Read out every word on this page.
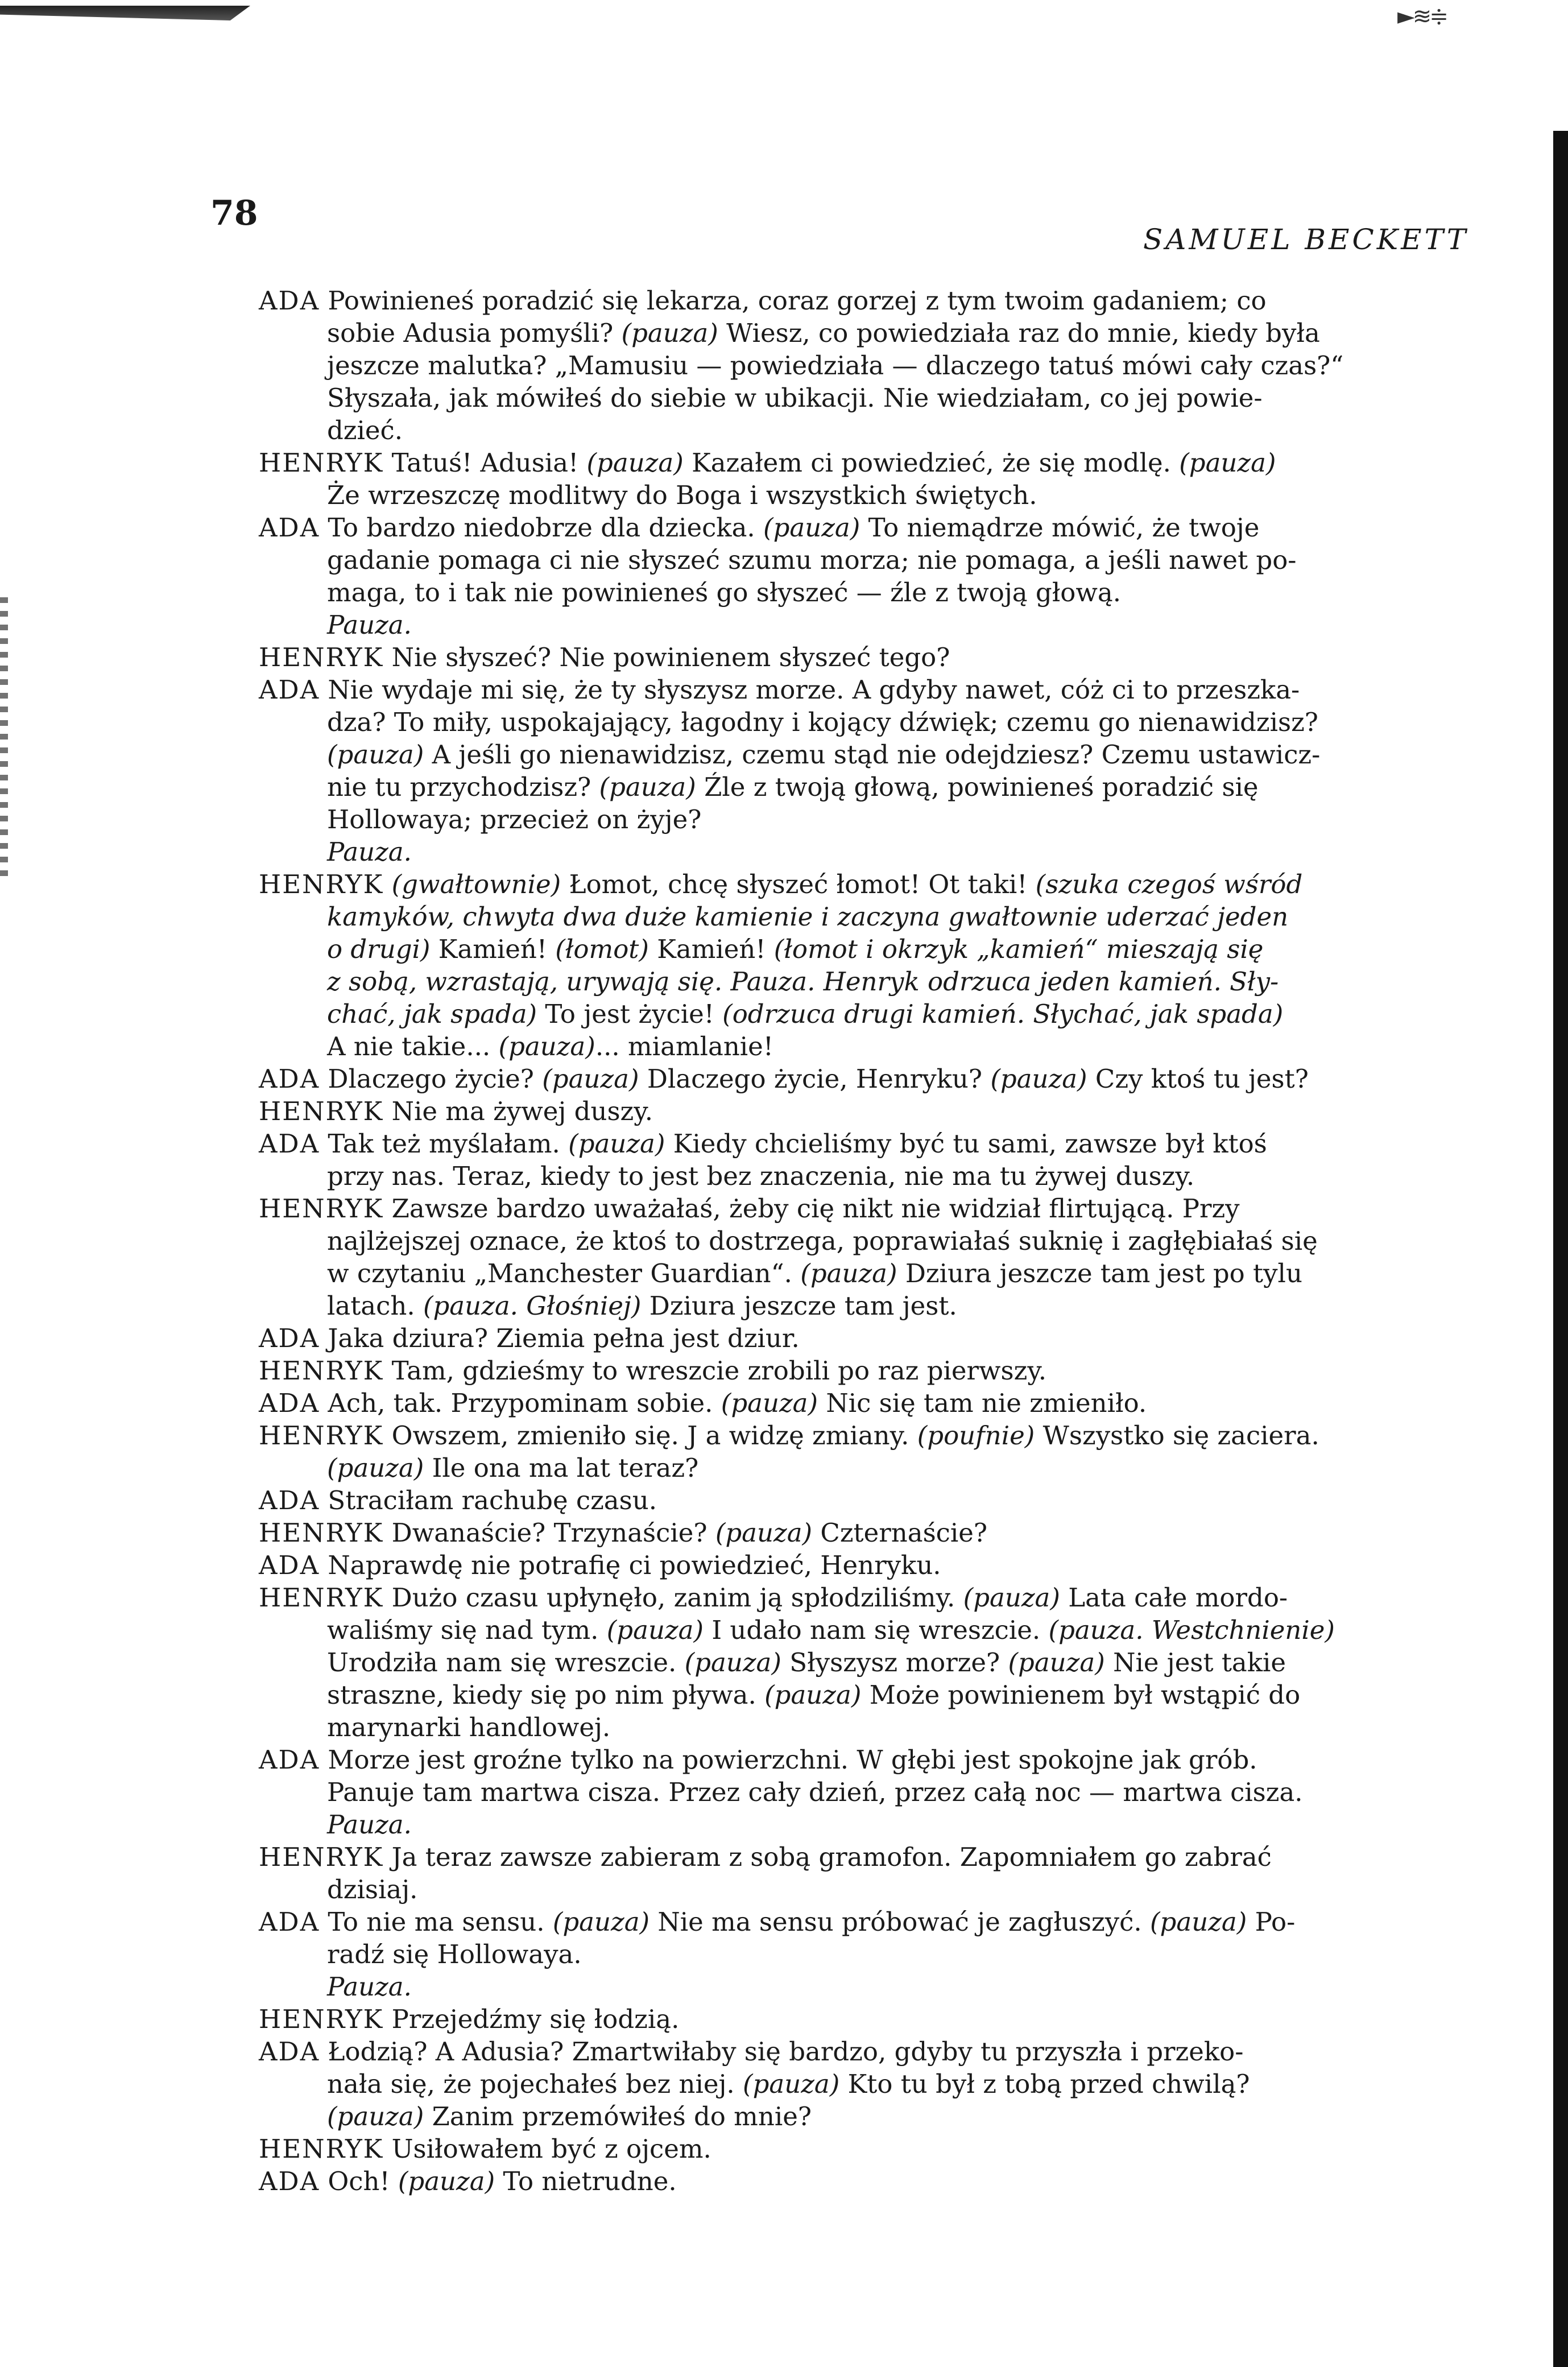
►≋≑
78
SAMUEL BECKETT
ADA Powinieneś poradzić się lekarza, coraz gorzej z tym twoim gadaniem; co
sobie Adusia pomyśli? (pauza) Wiesz, co powiedziała raz do mnie, kiedy była
jeszcze malutka? „Mamusiu — powiedziała — dlaczego tatuś mówi cały czas?“
Słyszała, jak mówiłeś do siebie w ubikacji. Nie wiedziałam, co jej powie-
dzieć.
HENRYK Tatuś! Adusia! (pauza) Kazałem ci powiedzieć, że się modlę. (pauza)
Że wrzeszczę modlitwy do Boga i wszystkich świętych.
ADA To bardzo niedobrze dla dziecka. (pauza) To niemądrze mówić, że twoje
gadanie pomaga ci nie słyszeć szumu morza; nie pomaga, a jeśli nawet po-
maga, to i tak nie powinieneś go słyszeć — źle z twoją głową.
Pauza.
HENRYK Nie słyszeć? Nie powinienem słyszeć tego?
ADA Nie wydaje mi się, że ty słyszysz morze. A gdyby nawet, cóż ci to przeszka-
dza? To miły, uspokajający, łagodny i kojący dźwięk; czemu go nienawidzisz?
(pauza) A jeśli go nienawidzisz, czemu stąd nie odejdziesz? Czemu ustawicz-
nie tu przychodzisz? (pauza) Źle z twoją głową, powinieneś poradzić się
Hollowaya; przecież on żyje?
Pauza.
HENRYK (gwałtownie) Łomot, chcę słyszeć łomot! Ot taki! (szuka czegoś wśród
kamyków, chwyta dwa duże kamienie i zaczyna gwałtownie uderzać jeden
o drugi) Kamień! (łomot) Kamień! (łomot i okrzyk „kamień“ mieszają się
z sobą, wzrastają, urywają się. Pauza. Henryk odrzuca jeden kamień. Sły-
chać, jak spada) To jest życie! (odrzuca drugi kamień. Słychać, jak spada)
A nie takie... (pauza)... miamlanie!
ADA Dlaczego życie? (pauza) Dlaczego życie, Henryku? (pauza) Czy ktoś tu jest?
HENRYK Nie ma żywej duszy.
ADA Tak też myślałam. (pauza) Kiedy chcieliśmy być tu sami, zawsze był ktoś
przy nas. Teraz, kiedy to jest bez znaczenia, nie ma tu żywej duszy.
HENRYK Zawsze bardzo uważałaś, żeby cię nikt nie widział flirtującą. Przy
najlżejszej oznace, że ktoś to dostrzega, poprawiałaś suknię i zagłębiałaś się
w czytaniu „Manchester Guardian“. (pauza) Dziura jeszcze tam jest po tylu
latach. (pauza. Głośniej) Dziura jeszcze tam jest.
ADA Jaka dziura? Ziemia pełna jest dziur.
HENRYK Tam, gdzieśmy to wreszcie zrobili po raz pierwszy.
ADA Ach, tak. Przypominam sobie. (pauza) Nic się tam nie zmieniło.
HENRYK Owszem, zmieniło się. J a widzę zmiany. (poufnie) Wszystko się zaciera.
(pauza) Ile ona ma lat teraz?
ADA Straciłam rachubę czasu.
HENRYK Dwanaście? Trzynaście? (pauza) Czternaście?
ADA Naprawdę nie potrafię ci powiedzieć, Henryku.
HENRYK Dużo czasu upłynęło, zanim ją spłodziliśmy. (pauza) Lata całe mordo-
waliśmy się nad tym. (pauza) I udało nam się wreszcie. (pauza. Westchnienie)
Urodziła nam się wreszcie. (pauza) Słyszysz morze? (pauza) Nie jest takie
straszne, kiedy się po nim pływa. (pauza) Może powinienem był wstąpić do
marynarki handlowej.
ADA Morze jest groźne tylko na powierzchni. W głębi jest spokojne jak grób.
Panuje tam martwa cisza. Przez cały dzień, przez całą noc — martwa cisza.
Pauza.
HENRYK Ja teraz zawsze zabieram z sobą gramofon. Zapomniałem go zabrać
dzisiaj.
ADA To nie ma sensu. (pauza) Nie ma sensu próbować je zagłuszyć. (pauza) Po-
radź się Hollowaya.
Pauza.
HENRYK Przejedźmy się łodzią.
ADA Łodzią? A Adusia? Zmartwiłaby się bardzo, gdyby tu przyszła i przeko-
nała się, że pojechałeś bez niej. (pauza) Kto tu był z tobą przed chwilą?
(pauza) Zanim przemówiłeś do mnie?
HENRYK Usiłowałem być z ojcem.
ADA Och! (pauza) To nietrudne.
